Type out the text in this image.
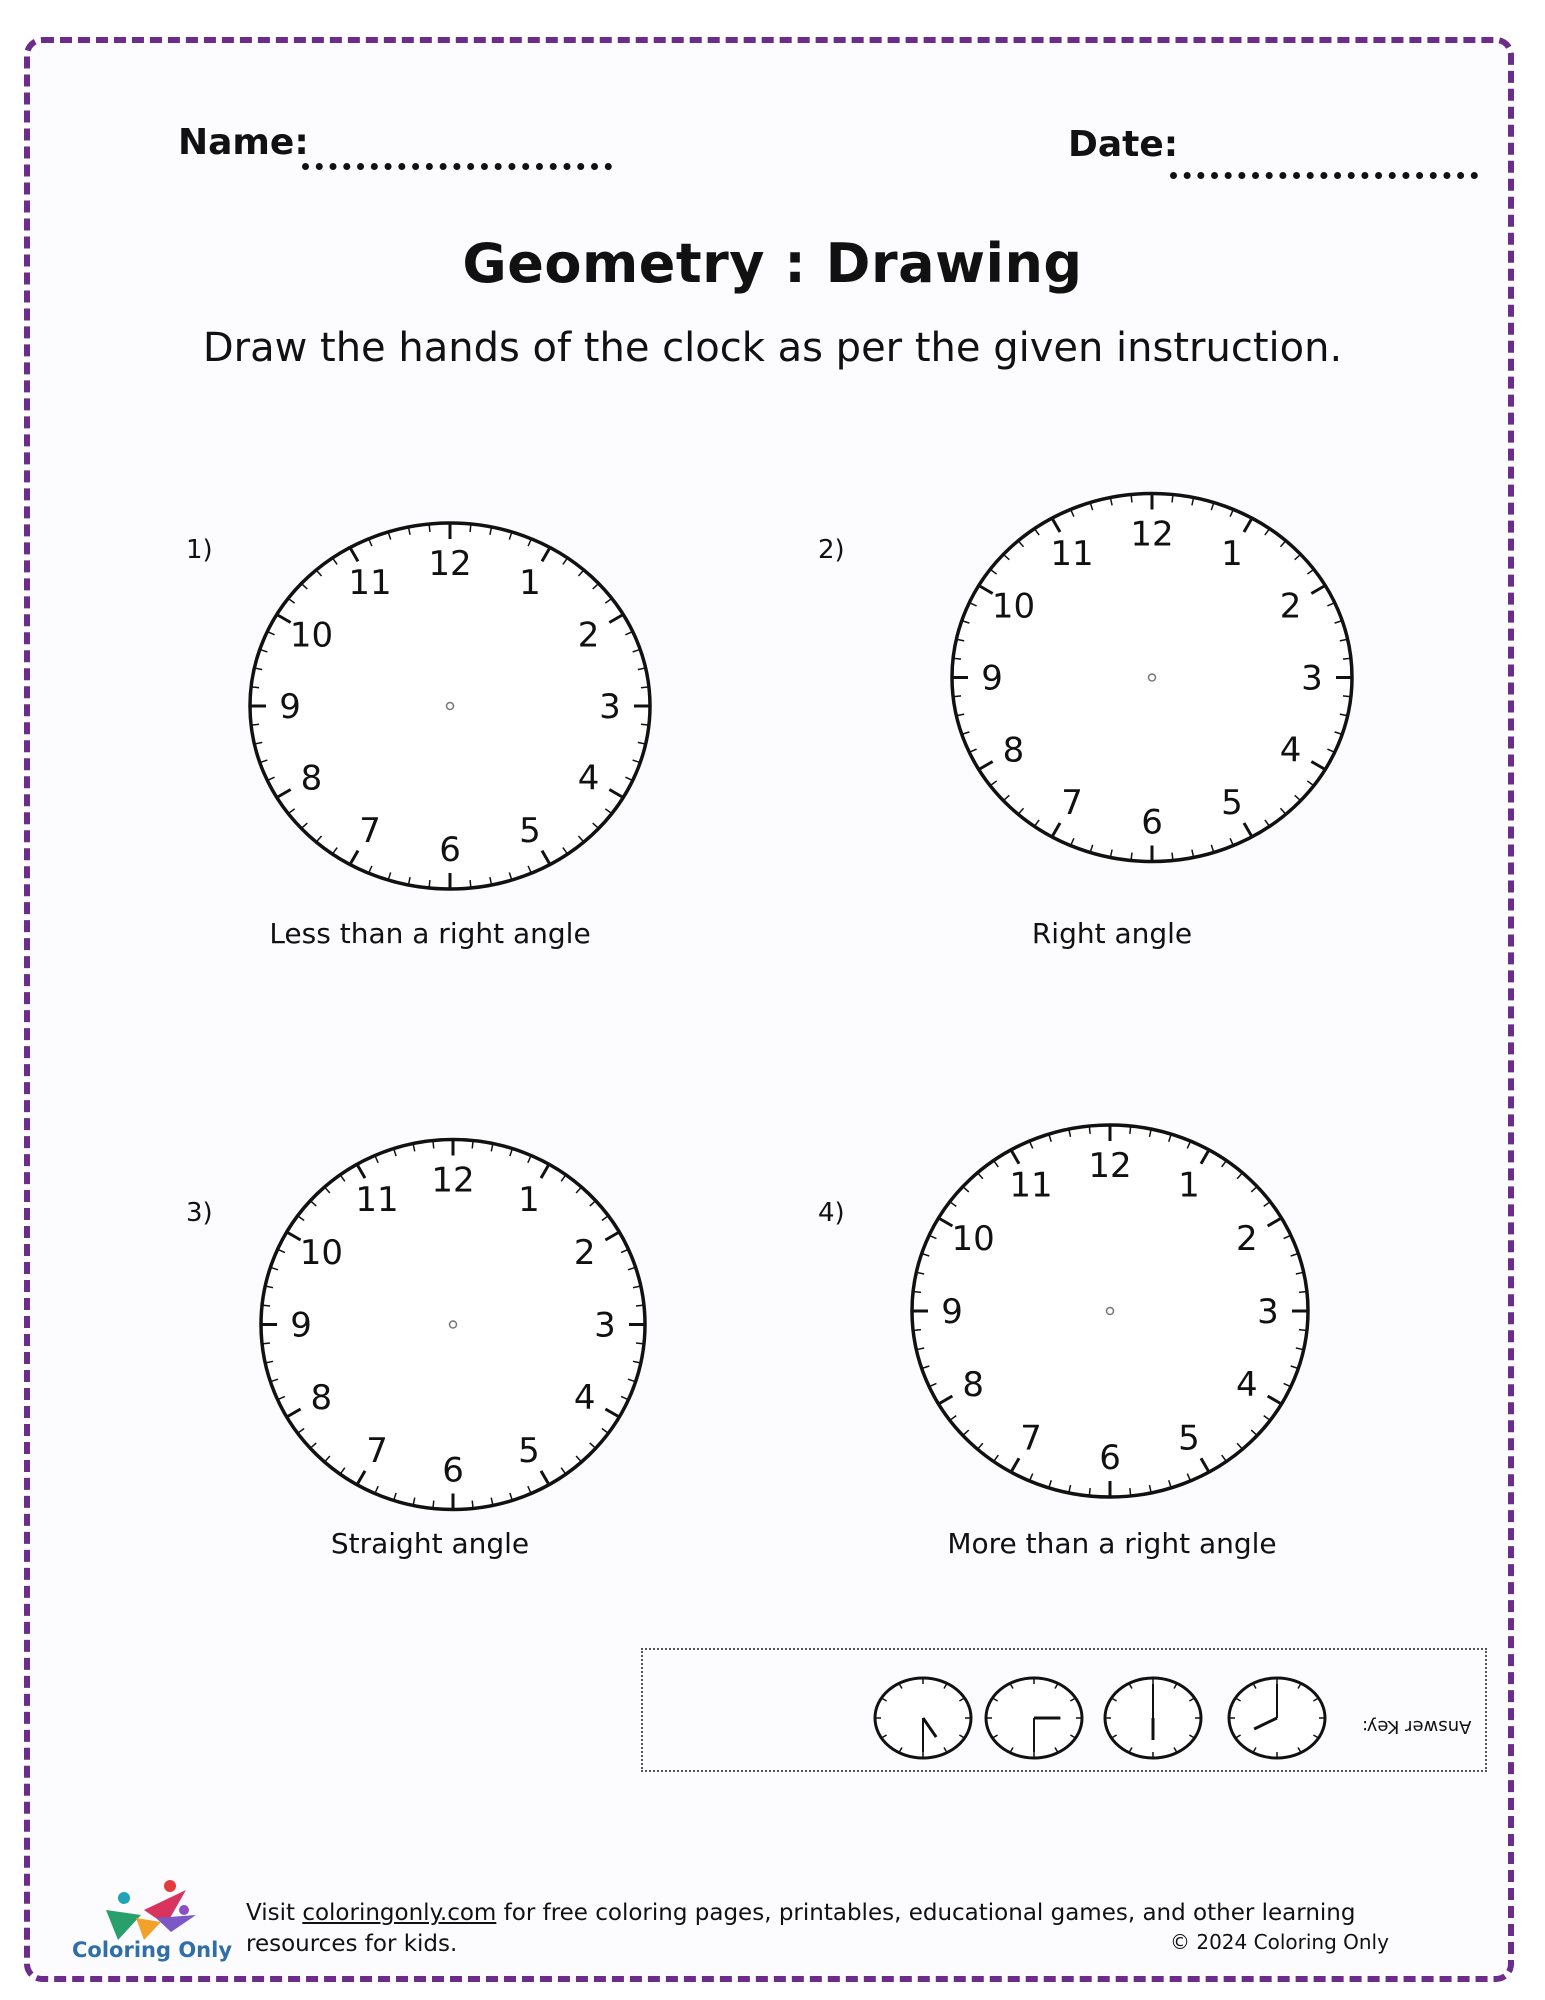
Name:	Date:
Geometry : Drawing
Draw the hands of the clock as per the given instruction.
1)	12 1
2
3
4
5
6
7
8
9
10
11
Less than a right angle
2)	12 1
2
3
4
5
6
7
8
9
10
11
Right angle
3)
12 1
2
3
4
5
6
7
8
9
10
11
Straight angle
4)
12 1
2
3
4
5
6
7
8
9
10
11
More than a right angle
Answer Key:
Coloring Only
Visit coloringonly.com for free coloring pages, printables, educational games, and other learning resources for kids.	© 2024 Coloring Only
